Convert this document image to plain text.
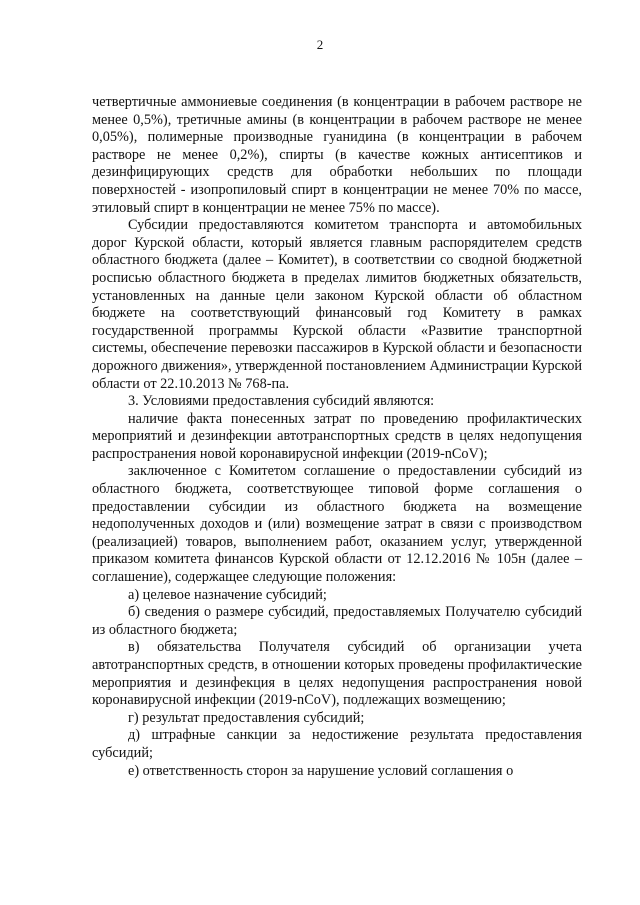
2

четвертичные аммониевые соединения (в концентрации в рабочем растворе не менее 0,5%), третичные амины (в концентрации в рабочем растворе не менее 0,05%), полимерные производные гуанидина (в концентрации в рабочем растворе не менее 0,2%), спирты (в качестве кожных антисептиков и дезинфицирующих средств для обработки небольших по площади поверхностей - изопропиловый спирт в концентрации не менее 70% по массе, этиловый спирт в концентрации не менее 75% по массе).

Субсидии предоставляются комитетом транспорта и автомобильных дорог Курской области, который является главным распорядителем средств областного бюджета (далее – Комитет), в соответствии со сводной бюджетной росписью областного бюджета в пределах лимитов бюджетных обязательств, установленных на данные цели законом Курской области об областном бюджете на соответствующий финансовый год Комитету в рамках государственной программы Курской области «Развитие транспортной системы, обеспечение перевозки пассажиров в Курской области и безопасности дорожного движения», утвержденной постановлением Администрации Курской области от 22.10.2013 № 768-па.

3. Условиями предоставления субсидий являются:

наличие факта понесенных затрат по проведению профилактических мероприятий и дезинфекции автотранспортных средств в целях недопущения распространения новой коронавирусной инфекции (2019-nCoV);

заключенное с Комитетом соглашение о предоставлении субсидий из областного бюджета, соответствующее типовой форме соглашения о предоставлении субсидии из областного бюджета на возмещение недополученных доходов и (или) возмещение затрат в связи с производством (реализацией) товаров, выполнением работ, оказанием услуг, утвержденной приказом комитета финансов Курской области от 12.12.2016 № 105н (далее – соглашение), содержащее следующие положения:

а) целевое назначение субсидий;

б) сведения о размере субсидий, предоставляемых Получателю субсидий из областного бюджета;

в) обязательства Получателя субсидий об организации учета автотранспортных средств, в отношении которых проведены профилактические мероприятия и дезинфекция в целях недопущения распространения новой коронавирусной инфекции (2019-nCoV), подлежащих возмещению;

г) результат предоставления субсидий;

д) штрафные санкции за недостижение результата предоставления субсидий;

е) ответственность сторон за нарушение условий соглашения о
